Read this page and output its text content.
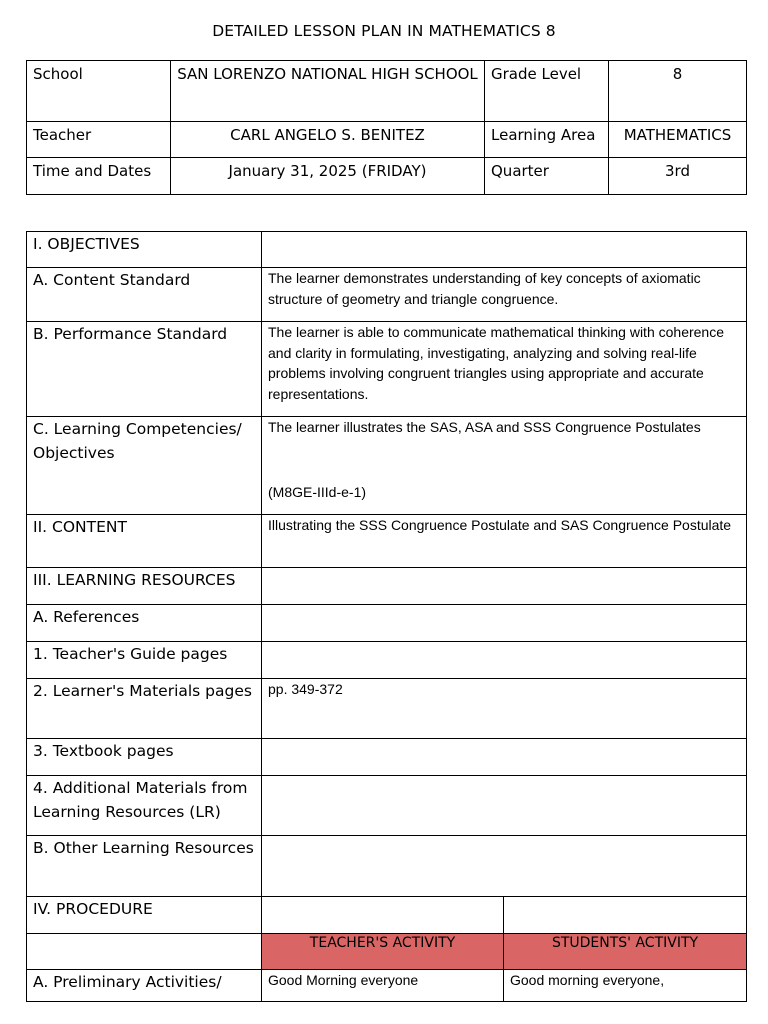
DETAILED LESSON PLAN IN MATHEMATICS 8
School	SAN LORENZO NATIONAL HIGH SCHOOL	Grade Level	8
Teacher	CARL ANGELO S. BENITEZ	Learning Area	MATHEMATICS
Time and Dates	January 31, 2025 (FRIDAY)	Quarter	3rd
I. OBJECTIVES		
A. Content Standard	The learner demonstrates understanding of key concepts of axiomatic structure of geometry and triangle congruence.	
B. Performance Standard	The learner is able to communicate mathematical thinking with coherence and clarity in formulating, investigating, analyzing and solving real-life problems involving congruent triangles using appropriate and accurate representations.	
C. Learning Competencies/ Objectives	The learner illustrates the SAS, ASA and SSS Congruence Postulates
(M8GE-IIId-e-1)	

II. CONTENT	Illustrating the SSS Congruence Postulate and SAS Congruence Postulate	
III. LEARNING RESOURCES		
A. References		
1. Teacher's Guide pages		
2. Learner's Materials pages	pp. 349-372	
3. Textbook pages		
4. Additional Materials from Learning Resources (LR)		
B. Other Learning Resources		
IV. PROCEDURE		
	TEACHER'S ACTIVITY	STUDENTS' ACTIVITY
A. Preliminary Activities/	Good Morning everyone	Good morning everyone,
